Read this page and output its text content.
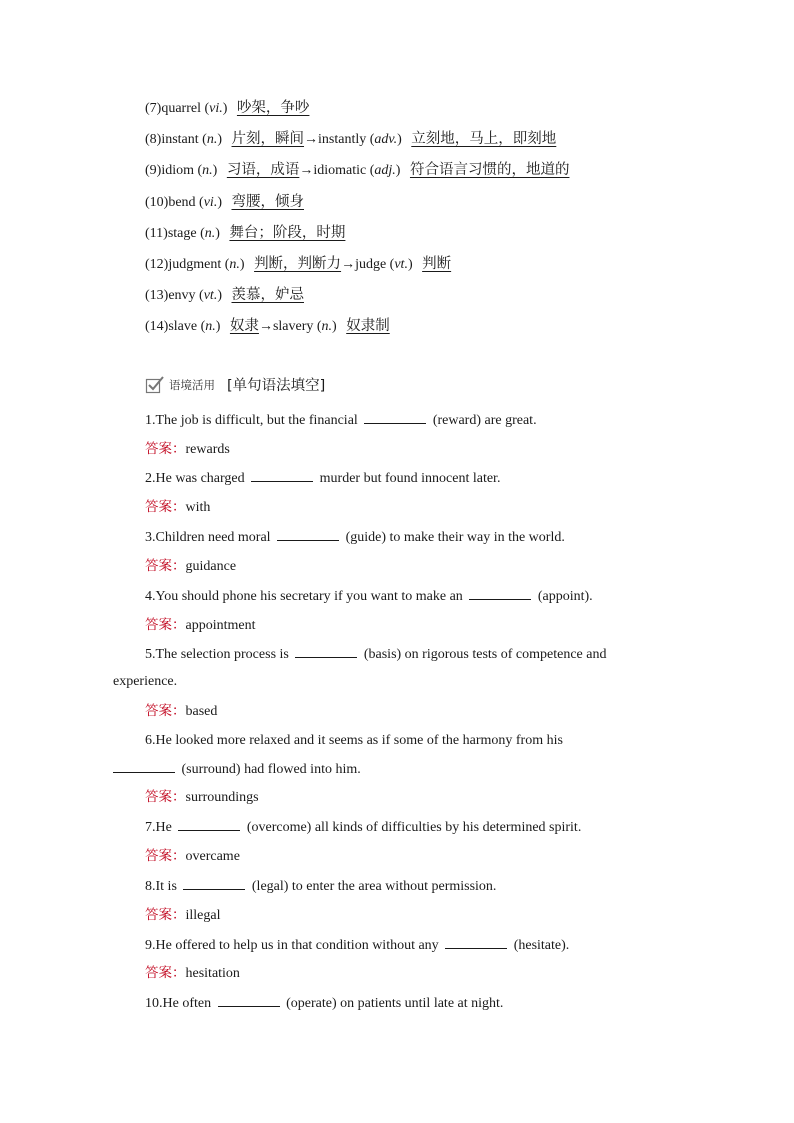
(7)quarrel (vi.) 吵架，争吵
(8)instant (n.) 片刻，瞬间→instantly (adv.) 立刻地，马上，即刻地
(9)idiom (n.) 习语，成语→idiomatic (adj.) 符合语言习惯的，地道的
(10)bend (vi.) 弯腰，倾身
(11)stage (n.) 舞台；阶段，时期
(12)judgment (n.) 判断，判断力→judge (vt.) 判断
(13)envy (vt.) 羡慕，妒忌
(14)slave (n.) 奴隶→slavery (n.) 奴隶制
语境活用 [单句语法填空]
1.The job is difficult, but the financial	(reward) are great.
答案：rewards
2.He was charged	murder but found innocent later.
答案：with
3.Children need moral	(guide) to make their way in the world.
答案：guidance
4.You should phone his secretary if you want to make an	(appoint).
答案：appointment
5.The selection process is	(basis) on rigorous tests of competence and
experience.
答案：based
6.He looked more relaxed and it seems as if some of the harmony from his
(surround) had flowed into him.
答案：surroundings
7.He	(overcome) all kinds of difficulties by his determined spirit.
答案：overcame
8.It is	(legal) to enter the area without permission.
答案：illegal
9.He offered to help us in that condition without any	(hesitate).
答案：hesitation
10.He often	(operate) on patients until late at night.
